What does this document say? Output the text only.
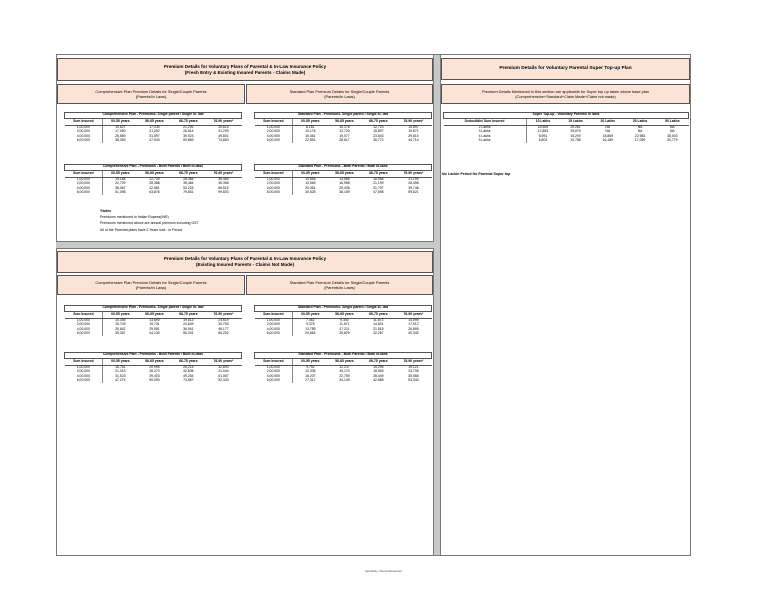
Premium Details for Voluntary Plans of Parental & In-Law Insurance Policy
(Fresh Entry & Existing Insured Parents - Claims Made)
Comprehensive Plan Premium Details for Single/Couple Parents
(Parents/In Laws)
Standard Plan Premium Details for Single/Couple Parents
(Parents/In Laws)
Comprehensive Plan - Premiums- Single parent / Single in- law				
Sum Insured	00-55 years	56-65 years	66-75 years	76-90 years*
1,00,000	10,627	17,030	21,292	26,614
2,00,000	17,050	21,292	26,614	31,209
4,00,000	26,569	31,597	39,923	49,801
6,00,000	38,353	47,940	59,883	74,853
Standard Plan - Premiums- Single parent / Single in- law				
Sum Insured	00-55 years	56-65 years	66-75 years	76-90 years*
1,00,000	8,161	10,178	12,723	15,897
2,00,000	10,178	12,720	15,897	19,871
4,00,000	15,361	19,077	23,843	29,810
6,00,000	22,891	28,617	35,772	44,714
Comprehensive Plan - Premiums - Both Parents / Both in-laws				
Sum Insured	00-55 years	56-65 years	66-75 years	76-90 years*
1,00,000	19,168	22,739	28,384	35,484
2,00,000	22,709	28,388	35,484	45,356
4,00,000	38,067	42,581	53,225	66,515
6,00,000	51,098	63,876	79,841	99,803
Standard Plan - Premiums - Both Parents / Both in-laws				
Sum Insured	00-55 years	56-65 years	66-75 years	76-90 years*
1,00,000	10,856	13,565	16,958	21,199
2,00,000	13,565	16,958	21,199	26,498
4,00,000	20,351	25,438	31,797	39,746
6,00,000	30,525	38,159	47,698	59,621
*Notes
Premiums mentioned in Indian Rupees(INR)
Premiums mentioned above are annual premium including GST
All of the Parental plans have 2 Years lock - in Period
Premium Details for Voluntary Plans of Parental & In-Law Insurance Policy
(Existing Insured Parents - Claims Not Made)
Comprehensive Plan Premium Details for Single/Couple Parents
(Parents/In Laws)
Standard Plan Premium Details for Single/Couple Parents
(Parents/In Laws)
Comprehensive Plan - Premiums- Single parent / Single in- law				
Sum Insured	00-55 years	56-65 years	66-75 years	76-90 years*
1,00,000	10,355	13,690	19,613	24,519
2,00,000	15,749	19,731	24,649	30,763
4,00,000	25,642	29,551	36,941	46,177
6,00,000	35,357	44,130	55,301	69,252
Standard Plan - Premiums- Single parent / Single in- law				
Sum Insured	00-55 years	56-65 years	66-75 years	76-90 years*
1,00,000	7,462	9,340	11,673	14,599
2,00,000	9,378	11,671	14,601	17,912
4,00,000	13,789	17,211	21,518	26,895
6,00,000	20,664	25,829	32,267	40,340
Comprehensive Plan - Premiums - Both Parents / Both in-laws				
Sum Insured	00-55 years	56-65 years	66-75 years	76-90 years*
1,00,000	16,761	20,995	26,215	32,890
2,00,000	21,015	26,270	32,836	41,044
4,00,000	31,523	39,403	49,254	61,067
6,00,000	47,274	59,090	73,867	92,333
Standard Plan - Premiums - Both Parents / Both in-laws				
Sum Insured	00-55 years	56-65 years	66-75 years	76-90 years*
1,00,000	9,792	12,237	15,295	19,121
2,00,000	12,336	15,170	18,963	23,705
4,00,000	18,207	22,759	28,449	35,558
6,00,000	27,317	34,149	42,685	53,340
Premium Details for Voluntary Parental Super Top-up Plan
Premium Details Mentioned in this section are applicable for Super top up taken above base plan
(Comprehensive+Standard+Claim Made+Claim not made)
Super Top-up - Voluntary Parents/ In laws					
Deductible/ Sum Insured	10 Lakhs	15 Lakhs	20 Lakhs	25 Lakhs	50 Lakhs
2 Lakhs	18,505	29,261	NA	NA	NA
3 Lakhs	12,853	29,679	NA	NA	NA
4 Lakhs	8,991	16,209	18,869	22,983	38,003
5 Lakhs	6,804	10,758	16,189	17,099	30,779
No Lockin Period for Parental Super top
Sensitivity: Internal Restricted
